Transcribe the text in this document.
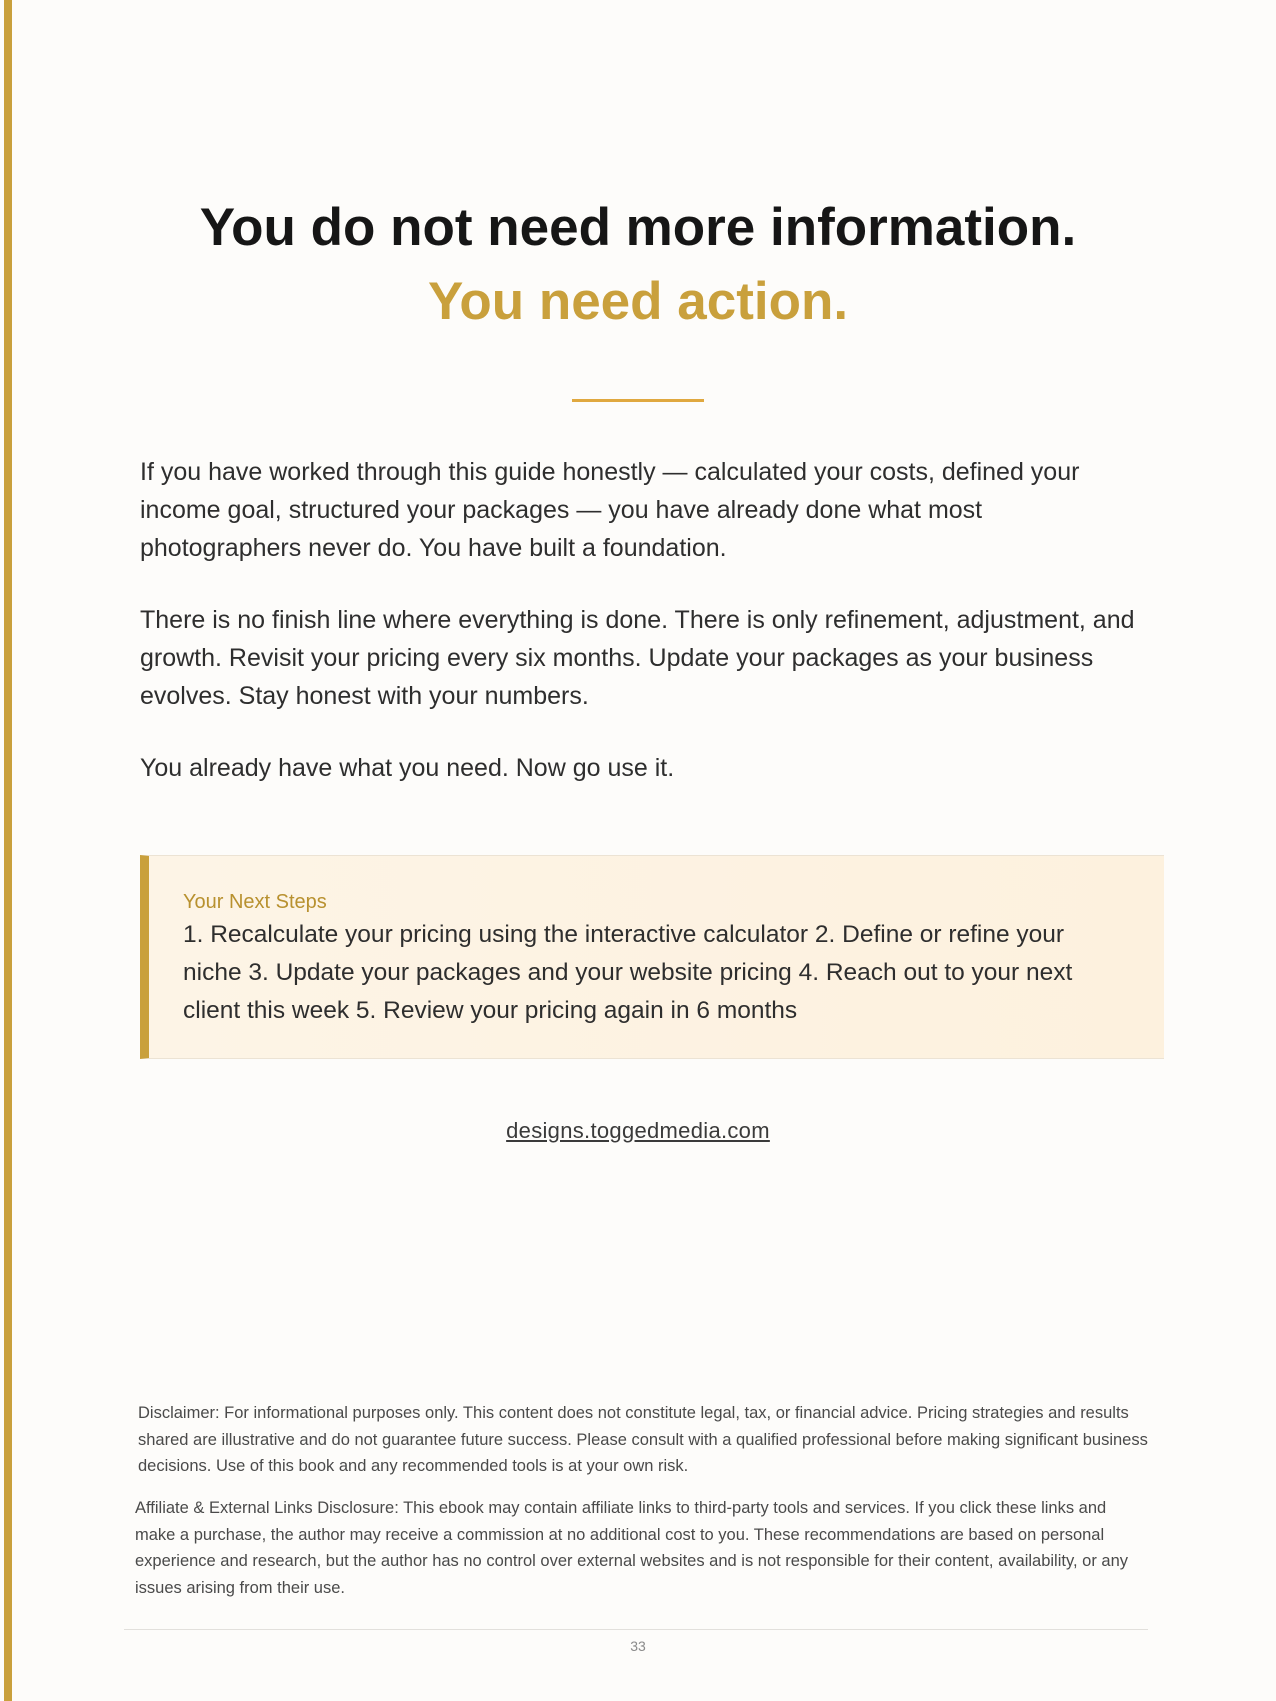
You do not need more information.
You need action.

If you have worked through this guide honestly — calculated your costs, defined your income goal, structured your packages — you have already done what most photographers never do. You have built a foundation.

There is no finish line where everything is done. There is only refinement, adjustment, and growth. Revisit your pricing every six months. Update your packages as your business evolves. Stay honest with your numbers.

You already have what you need. Now go use it.

Your Next Steps
1. Recalculate your pricing using the interactive calculator 2. Define or refine your niche 3. Update your packages and your website pricing 4. Reach out to your next client this week 5. Review your pricing again in 6 months
designs.toggedmedia.com

Disclaimer: For informational purposes only. This content does not constitute legal, tax, or financial advice. Pricing strategies and results shared are illustrative and do not guarantee future success. Please consult with a qualified professional before making significant business decisions. Use of this book and any recommended tools is at your own risk.

Affiliate & External Links Disclosure: This ebook may contain affiliate links to third-party tools and services. If you click these links and make a purchase, the author may receive a commission at no additional cost to you. These recommendations are based on personal experience and research, but the author has no control over external websites and is not responsible for their content, availability, or any issues arising from their use.

33
